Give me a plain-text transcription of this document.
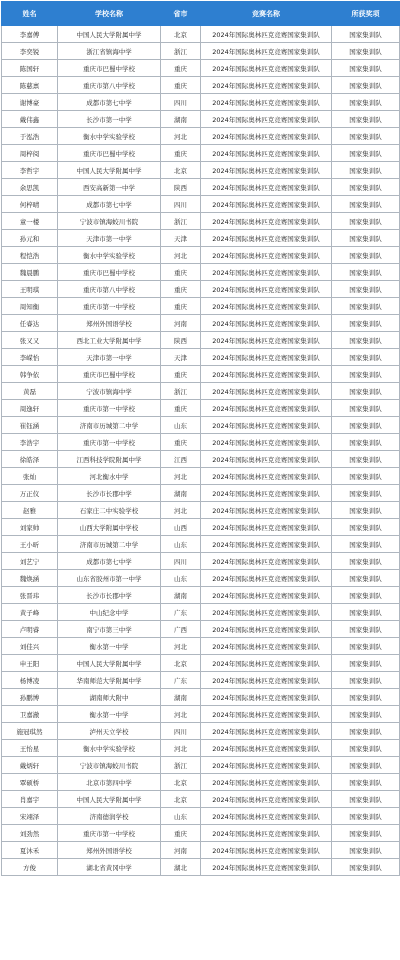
姓名	学校名称	省市	竞赛名称	所获奖项
李嘉傅	中国人民大学附属中学	北京	2024年国际奥林匹克竞赛国家集训队	国家集训队
李奕锐	浙江省镇海中学	浙江	2024年国际奥林匹克竞赛国家集训队	国家集训队
陈国轩	重庆市巴蜀中学校	重庆	2024年国际奥林匹克竞赛国家集训队	国家集训队
陈慈禀	重庆市第八中学校	重庆	2024年国际奥林匹克竞赛国家集训队	国家集训队
谢博豪	成都市第七中学	四川	2024年国际奥林匹克竞赛国家集训队	国家集训队
戴伟鑫	长沙市第一中学	湖南	2024年国际奥林匹克竞赛国家集训队	国家集训队
于泓浩	衡水中学实验学校	河北	2024年国际奥林匹克竞赛国家集训队	国家集训队
周梓阅	重庆市巴蜀中学校	重庆	2024年国际奥林匹克竞赛国家集训队	国家集训队
李哲宇	中国人民大学附属中学	北京	2024年国际奥林匹克竞赛国家集训队	国家集训队
余思凯	西安高新第一中学	陕西	2024年国际奥林匹克竞赛国家集训队	国家集训队
何梓晴	成都市第七中学	四川	2024年国际奥林匹克竞赛国家集训队	国家集训队
童一楼	宁波市镇海蛟川书院	浙江	2024年国际奥林匹克竞赛国家集训队	国家集训队
孙元和	天津市第一中学	天津	2024年国际奥林匹克竞赛国家集训队	国家集训队
程恺浩	衡水中学实验学校	河北	2024年国际奥林匹克竞赛国家集训队	国家集训队
魏晨鹏	重庆市巴蜀中学校	重庆	2024年国际奥林匹克竞赛国家集训队	国家集训队
王明琪	重庆市第八中学校	重庆	2024年国际奥林匹克竞赛国家集训队	国家集训队
周知衡	重庆市第一中学校	重庆	2024年国际奥林匹克竞赛国家集训队	国家集训队
任睿达	郑州外国语学校	河南	2024年国际奥林匹克竞赛国家集训队	国家集训队
张又又	西北工业大学附属中学	陕西	2024年国际奥林匹克竞赛国家集训队	国家集训队
李嵘怡	天津市第一中学	天津	2024年国际奥林匹克竞赛国家集训队	国家集训队
韩争依	重庆市巴蜀中学校	重庆	2024年国际奥林匹克竞赛国家集训队	国家集训队
黄磊	宁波市镇海中学	浙江	2024年国际奥林匹克竞赛国家集训队	国家集训队
周逸轩	重庆市第一中学校	重庆	2024年国际奥林匹克竞赛国家集训队	国家集训队
崔钰涵	济南市历城第二中学	山东	2024年国际奥林匹克竞赛国家集训队	国家集训队
李浩宇	重庆市第一中学校	重庆	2024年国际奥林匹克竞赛国家集训队	国家集训队
徐皓泽	江西科技学院附属中学	江西	2024年国际奥林匹克竞赛国家集训队	国家集训队
张灿	河北衡水中学	河北	2024年国际奥林匹克竞赛国家集训队	国家集训队
万正仪	长沙市长郡中学	湖南	2024年国际奥林匹克竞赛国家集训队	国家集训队
赵雅	石家庄二中实验学校	河北	2024年国际奥林匹克竞赛国家集训队	国家集训队
刘家帅	山西大学附属中学校	山西	2024年国际奥林匹克竞赛国家集训队	国家集训队
王小昕	济南市历城第二中学	山东	2024年国际奥林匹克竞赛国家集训队	国家集训队
刘艺宁	成都市第七中学	四川	2024年国际奥林匹克竞赛国家集训队	国家集训队
魏焕涵	山东省胶州市第一中学	山东	2024年国际奥林匹克竞赛国家集训队	国家集训队
张晋玮	长沙市长郡中学	湖南	2024年国际奥林匹克竞赛国家集训队	国家集训队
黄子峰	中山纪念中学	广东	2024年国际奥林匹克竞赛国家集训队	国家集训队
卢明睿	南宁市第三中学	广西	2024年国际奥林匹克竞赛国家集训队	国家集训队
刘佳兴	衡水第一中学	河北	2024年国际奥林匹克竞赛国家集训队	国家集训队
申王阳	中国人民大学附属中学	北京	2024年国际奥林匹克竞赛国家集训队	国家集训队
杨博凌	华南师范大学附属中学	广东	2024年国际奥林匹克竞赛国家集训队	国家集训队
孙鹏博	湖南师大附中	湖南	2024年国际奥林匹克竞赛国家集训队	国家集训队
卫嘉澈	衡水第一中学	河北	2024年国际奥林匹克竞赛国家集训队	国家集训队
施冠琪然	泸州天立学校	四川	2024年国际奥林匹克竞赛国家集训队	国家集训队
王怡星	衡水中学实验学校	河北	2024年国际奥林匹克竞赛国家集训队	国家集训队
戴炳轩	宁波市镇海蛟川书院	浙江	2024年国际奥林匹克竞赛国家集训队	国家集训队
覃硕桥	北京市第四中学	北京	2024年国际奥林匹克竞赛国家集训队	国家集训队
肖嘉宇	中国人民大学附属中学	北京	2024年国际奥林匹克竞赛国家集训队	国家集训队
宋翊泽	济南德润学校	山东	2024年国际奥林匹克竞赛国家集训队	国家集训队
刘劲然	重庆市第一中学校	重庆	2024年国际奥林匹克竞赛国家集训队	国家集训队
夏沐禾	郑州外国语学校	河南	2024年国际奥林匹克竞赛国家集训队	国家集训队
方俊	湖北省黄冈中学	湖北	2024年国际奥林匹克竞赛国家集训队	国家集训队
